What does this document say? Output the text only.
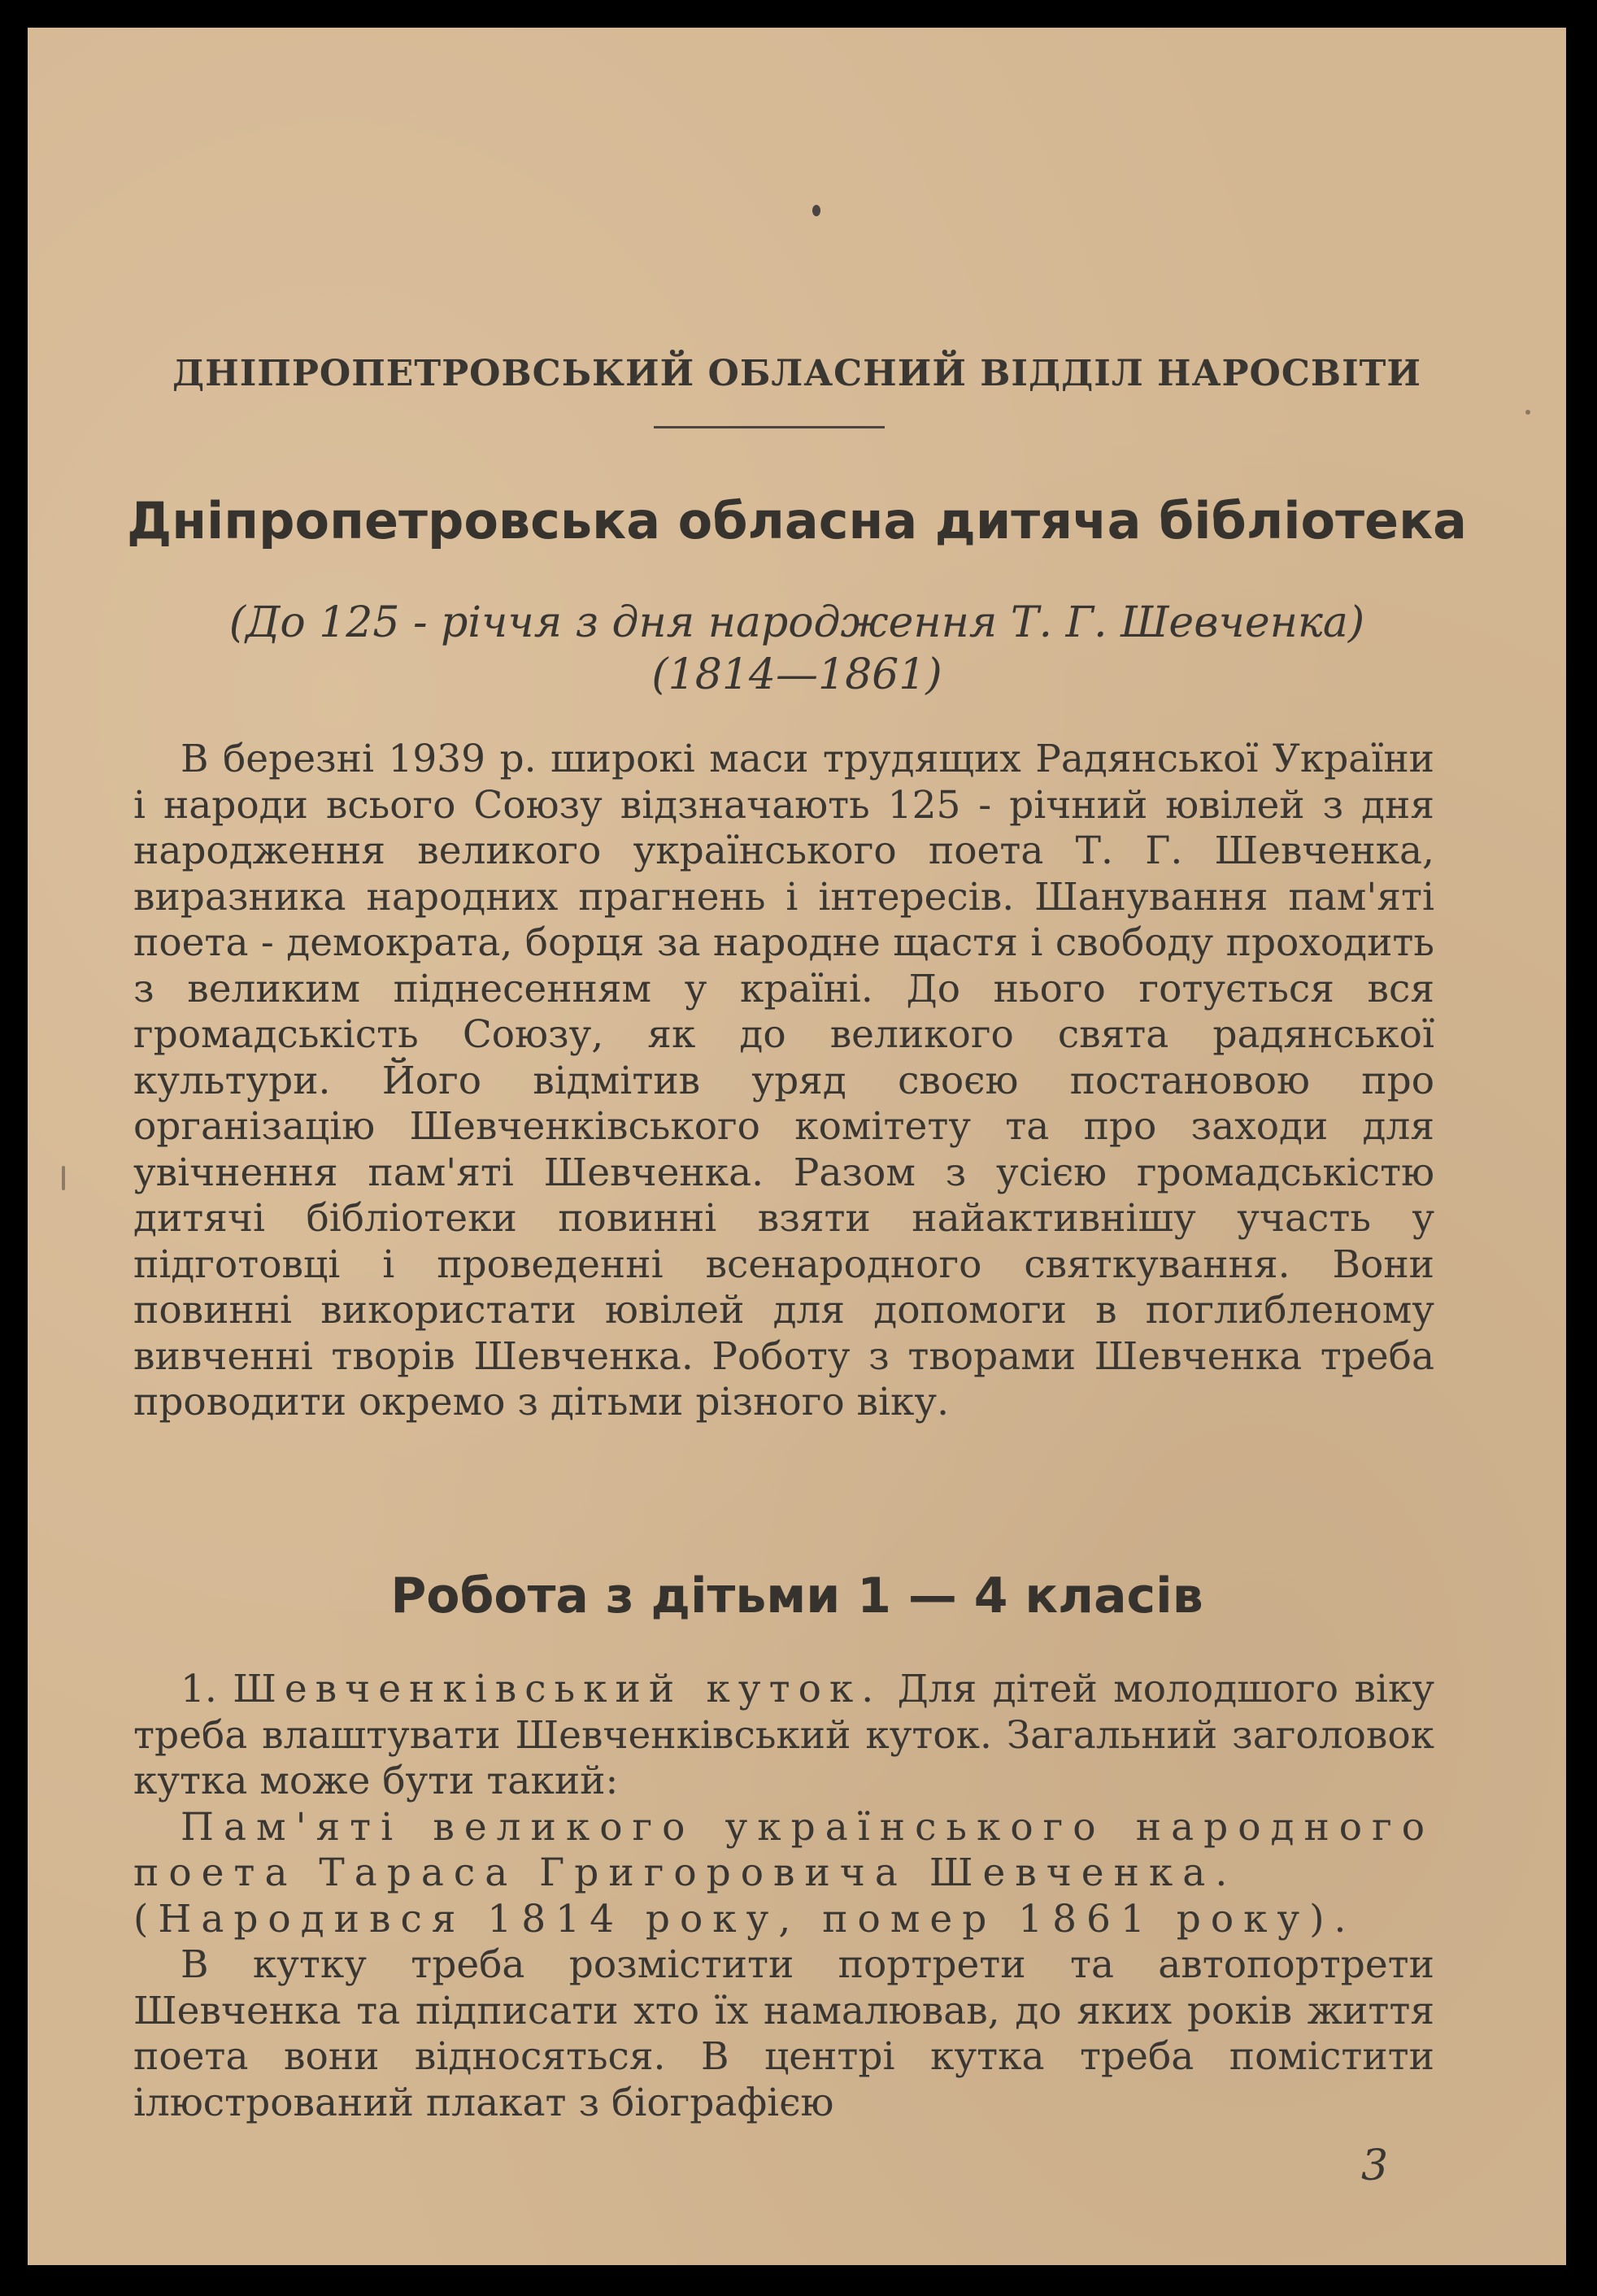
ДНІПРОПЕТРОВСЬКИЙ ОБЛАСНИЙ ВІДДІЛ НАРОСВІТИ
Дніпропетровська обласна дитяча бібліотека
(До 125 - річчя з дня народження Т. Г. Шевченка)
(1814—1861)
В березні 1939 р. широкі маси трудящих Радянської України і народи всього Союзу відзначають 125 - річний ювілей з дня народження великого українського поета Т. Г. Шевченка, виразника народних прагнень і інтересів. Шанування пам'яті поета - демократа, борця за народне щастя і свободу проходить з великим піднесенням у країні. До нього готується вся громадськість Союзу, як до великого свята радянської культури. Його відмітив уряд своєю постановою про організацію Шевченківського комітету та про заходи для увічнення пам'яті Шевченка. Разом з усією громадськістю дитячі бібліотеки повинні взяти найактивнішу участь у підготовці і проведенні всенародного святкування. Вони повинні використати ювілей для допомоги в поглибленому вивченні творів Шевченка. Роботу з творами Шевченка треба проводити окремо з дітьми різного віку.
Робота з дітьми 1 — 4 класів

1. Шевченківський куток. Для дітей молодшого віку треба влаштувати Шевченківський куток. Загальний заголовок кутка може бути такий:

Пам'яті великого українського народного поета Тараса Григоровича Шевченка.

(Народився 1814 року, помер 1861 року).

В кутку треба розмістити портрети та автопортрети Шевченка та підписати хто їх намалював, до яких років життя поета вони відносяться. В центрі кутка треба помістити ілюстрований плакат з біографією

3
